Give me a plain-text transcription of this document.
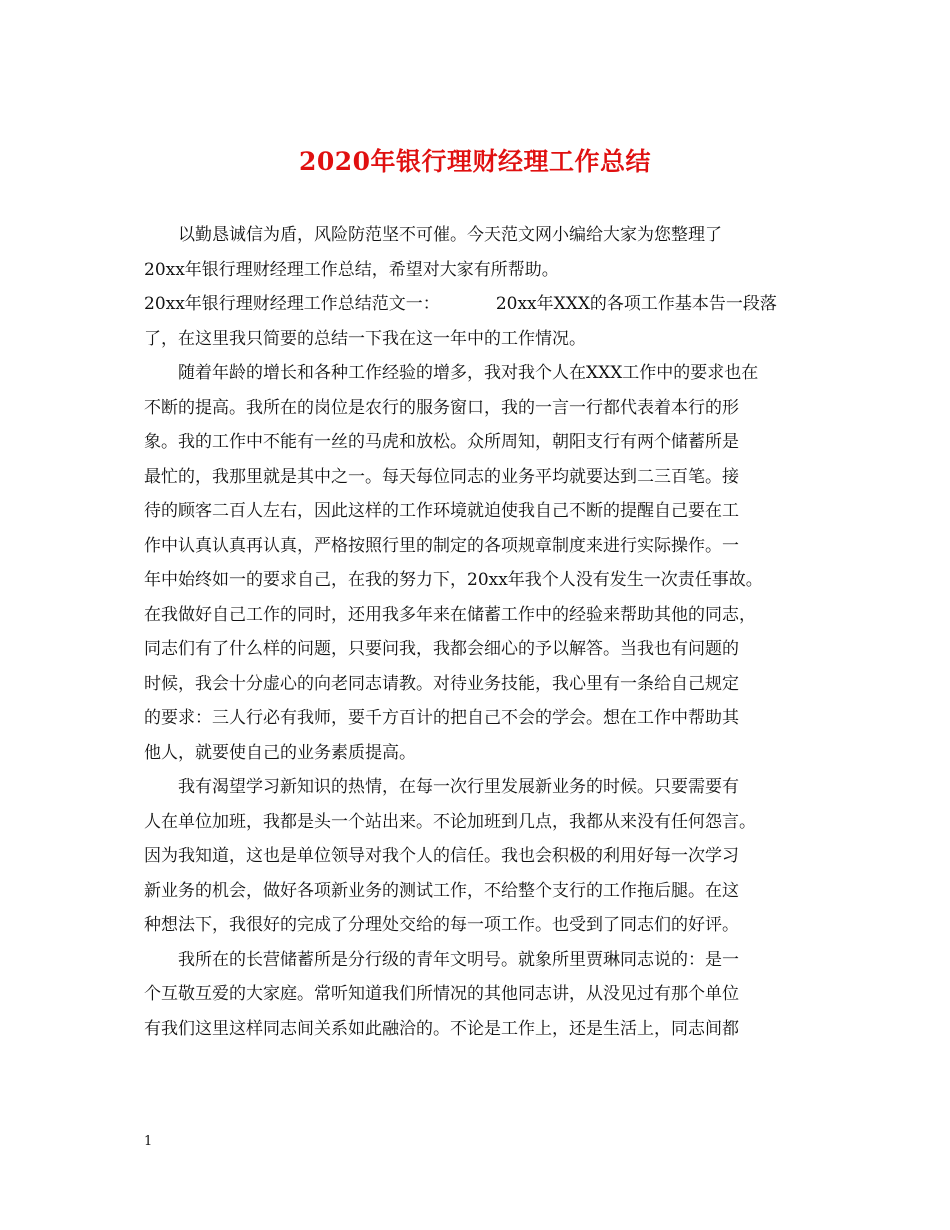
2020年银行理财经理工作总结
以勤恳诚信为盾，风险防范坚不可催。今天范文网小编给大家为您整理了
20xx年银行理财经理工作总结，希望对大家有所帮助。
20xx年银行理财经理工作总结范文一：	20xx年XXX的各项工作基本告一段落
了，在这里我只简要的总结一下我在这一年中的工作情况。
随着年龄的增长和各种工作经验的增多，我对我个人在XXX工作中的要求也在
不断的提高。我所在的岗位是农行的服务窗口，我的一言一行都代表着本行的形
象。我的工作中不能有一丝的马虎和放松。众所周知，朝阳支行有两个储蓄所是
最忙的，我那里就是其中之一。每天每位同志的业务平均就要达到二三百笔。接
待的顾客二百人左右，因此这样的工作环境就迫使我自己不断的提醒自己要在工
作中认真认真再认真，严格按照行里的制定的各项规章制度来进行实际操作。一
年中始终如一的要求自己，在我的努力下，20xx年我个人没有发生一次责任事故。
在我做好自己工作的同时，还用我多年来在储蓄工作中的经验来帮助其他的同志，
同志们有了什么样的问题，只要问我，我都会细心的予以解答。当我也有问题的
时候，我会十分虚心的向老同志请教。对待业务技能，我心里有一条给自己规定
的要求：三人行必有我师，要千方百计的把自己不会的学会。想在工作中帮助其
他人，就要使自己的业务素质提高。
我有渴望学习新知识的热情，在每一次行里发展新业务的时候。只要需要有
人在单位加班，我都是头一个站出来。不论加班到几点，我都从来没有任何怨言。
因为我知道，这也是单位领导对我个人的信任。我也会积极的利用好每一次学习
新业务的机会，做好各项新业务的测试工作，不给整个支行的工作拖后腿。在这
种想法下，我很好的完成了分理处交给的每一项工作。也受到了同志们的好评。
我所在的长营储蓄所是分行级的青年文明号。就象所里贾琳同志说的：是一
个互敬互爱的大家庭。常听知道我们所情况的其他同志讲，从没见过有那个单位
有我们这里这样同志间关系如此融洽的。不论是工作上，还是生活上，同志间都
1
